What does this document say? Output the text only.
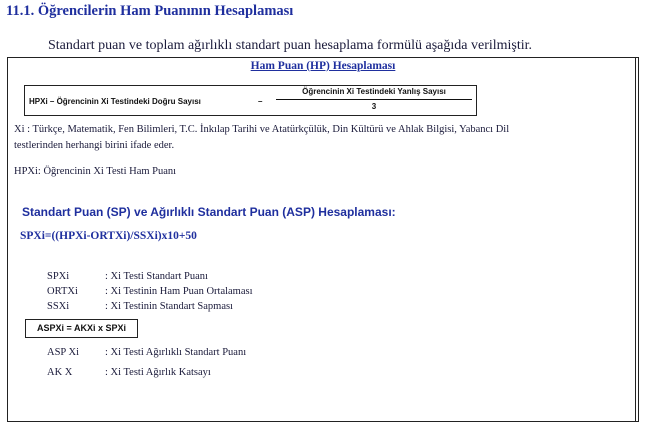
11.1. Öğrencilerin Ham Puanının Hesaplaması
Standart puan ve toplam ağırlıklı standart puan hesaplama formülü aşağıda verilmiştir.
Ham Puan (HP) Hesaplaması
HPXi – Öğrencinin Xi Testindeki Doğru Sayısı	–
Öğrencinin Xi Testindeki Yanlış Sayısı
3
Xi : Türkçe, Matematik, Fen Bilimleri, T.C. İnkılap Tarihi ve Atatürkçülük, Din Kültürü ve Ahlak Bilgisi, Yabancı Dil
testlerinden herhangi birini ifade eder.
HPXi: Öğrencinin Xi Testi Ham Puanı
Standart Puan (SP) ve Ağırlıklı Standart Puan (ASP) Hesaplaması:
SPXi=((HPXi-ORTXi)/SSXi)x10+50
SPXi	: Xi Testi Standart Puanı
ORTXi	: Xi Testinin Ham Puan Ortalaması
SSXi	: Xi Testinin Standart Sapması
ASPXi = AKXi x SPXi
ASP Xi : Xi Testi Ağırlıklı Standart Puanı
AK X	: Xi Testi Ağırlık Katsayı
